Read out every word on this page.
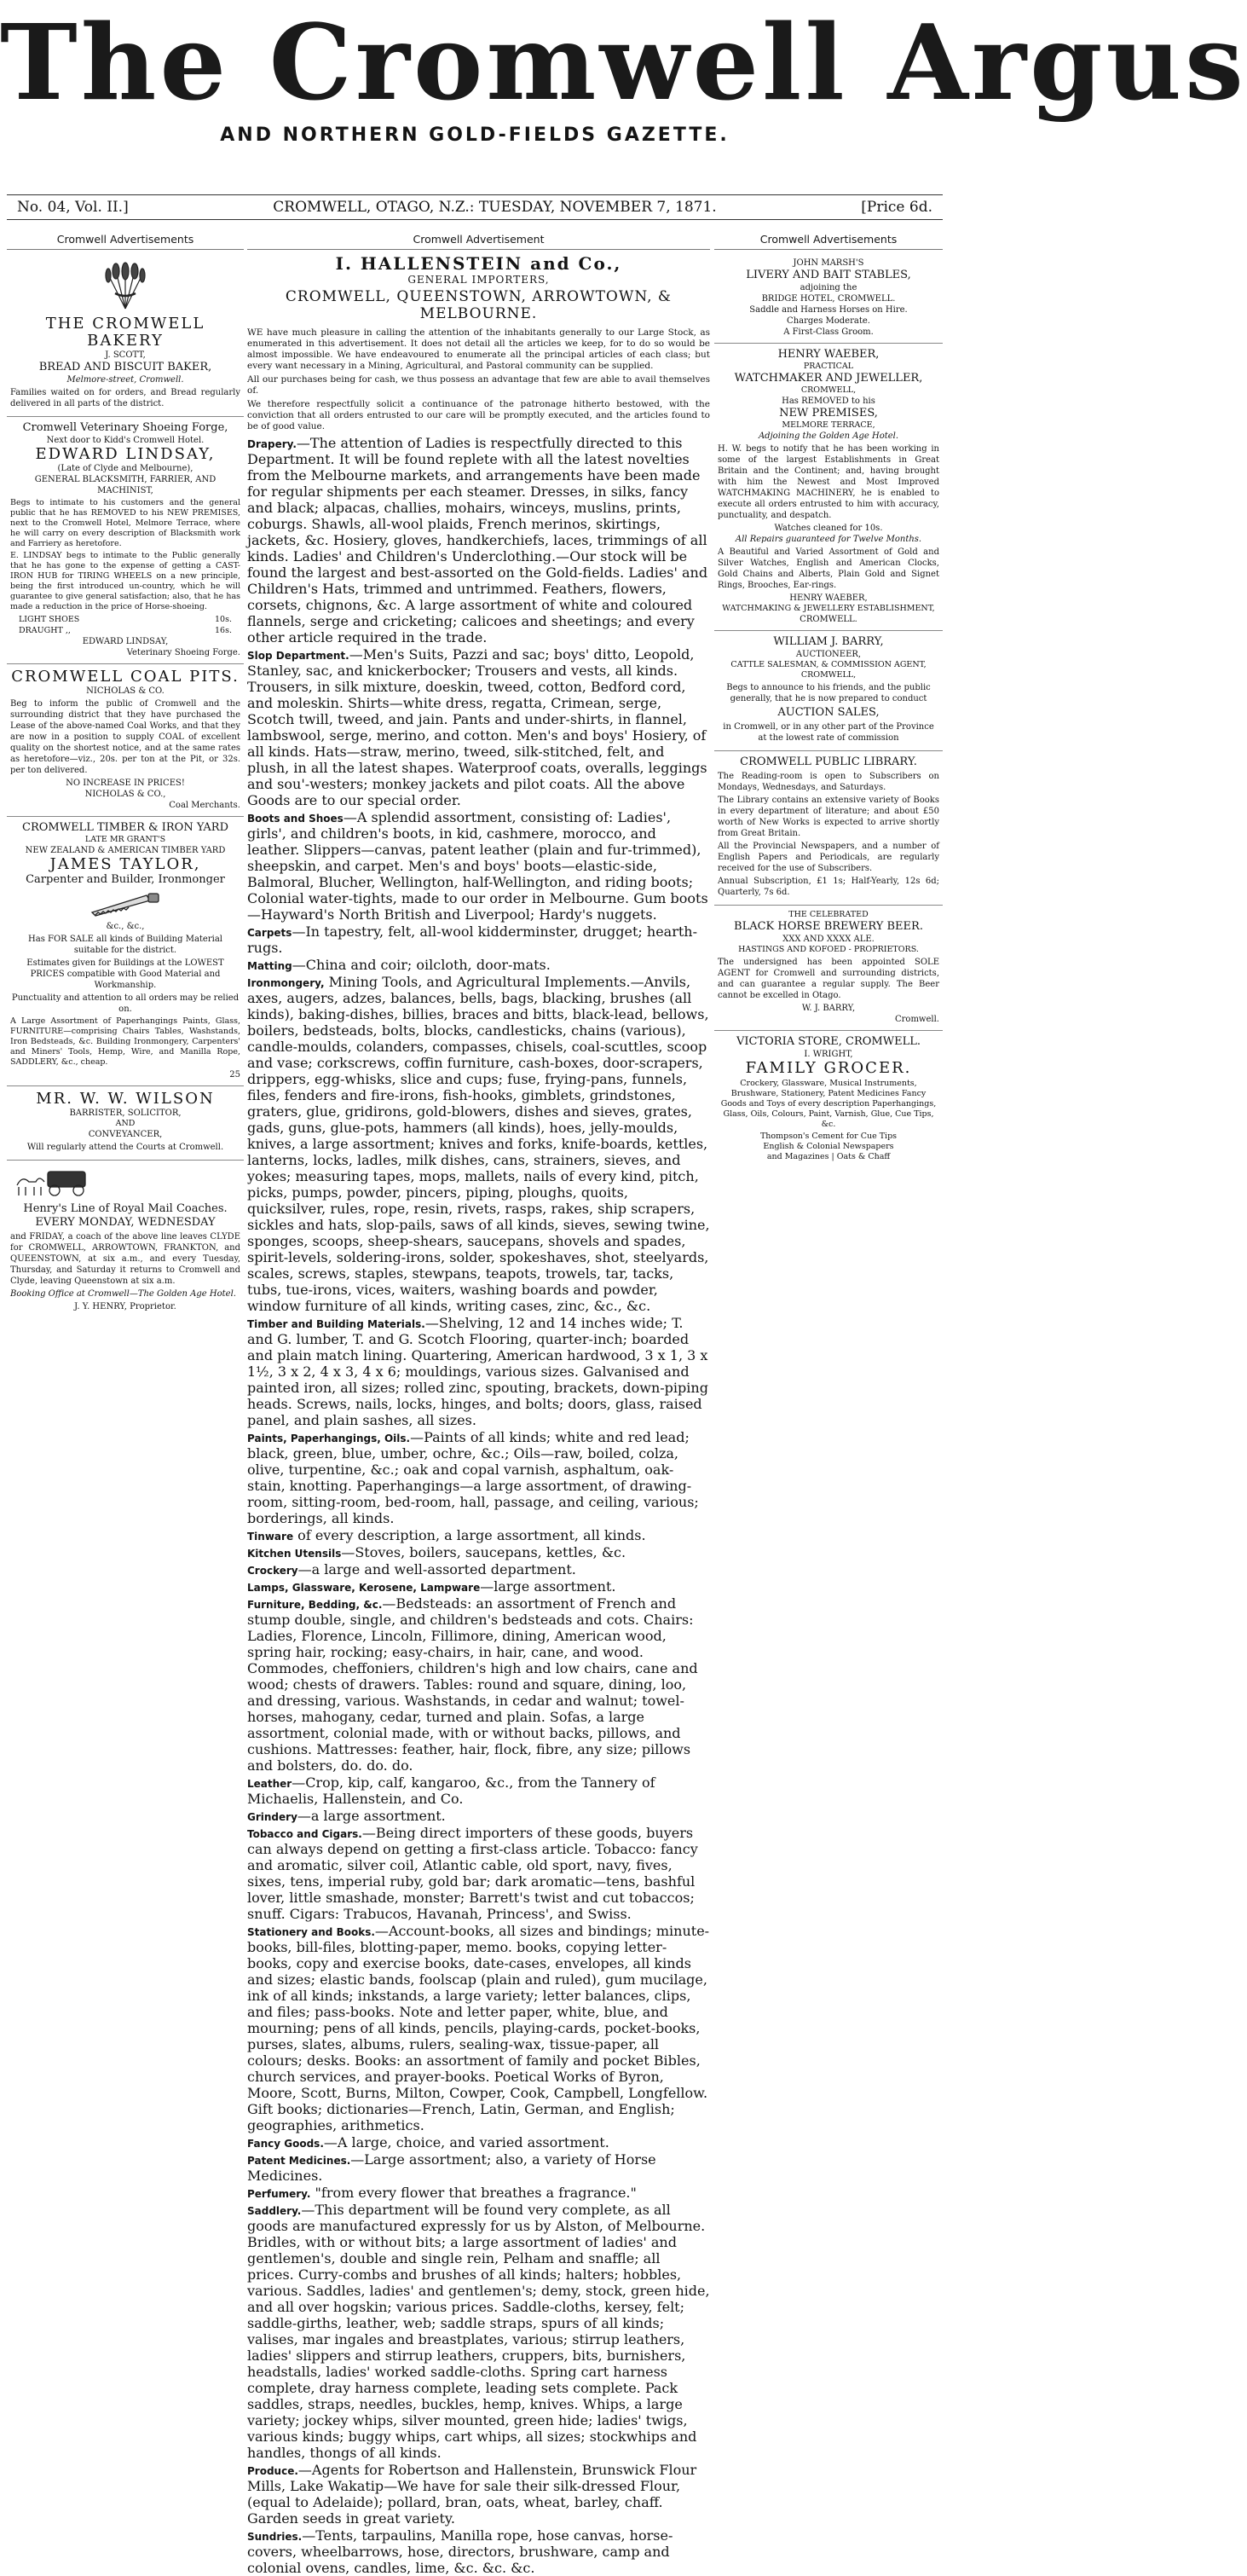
The Cromwell Argus
AND NORTHERN GOLD-FIELDS GAZETTE.
No. 04, Vol. II.]	CROMWELL, OTAGO, N.Z.: TUESDAY, NOVEMBER 7, 1871.	[Price 6d.
Cromwell Advertisements
THE CROMWELL BAKERY
J. SCOTT,
BREAD AND BISCUIT BAKER,
Melmore-street, Cromwell.

Families waited on for orders, and Bread regularly delivered in all parts of the district.

Cromwell Veterinary Shoeing Forge,
Next door to Kidd's Cromwell Hotel.
EDWARD LINDSAY,
(Late of Clyde and Melbourne),
GENERAL BLACKSMITH, FARRIER, AND MACHINIST,

Begs to intimate to his customers and the general public that he has REMOVED to his NEW PREMISES, next to the Cromwell Hotel, Melmore Terrace, where he will carry on every description of Blacksmith work and Farriery as heretofore.

E. LINDSAY begs to intimate to the Public generally that he has gone to the expense of getting a CAST-IRON HUB for TIRING WHEELS on a new principle, being the first introduced un-country, which he will guarantee to give general satisfaction; also, that he has made a reduction in the price of Horse-shoeing.

LIGHT SHOES	10s.
DRAUGHT ,,	16s.
EDWARD LINDSAY,
Veterinary Shoeing Forge.
CROMWELL COAL PITS.
NICHOLAS & CO.

Beg to inform the public of Cromwell and the surrounding district that they have purchased the Lease of the above-named Coal Works, and that they are now in a position to supply COAL of excellent quality on the shortest notice, and at the same rates as heretofore—viz., 20s. per ton at the Pit, or 32s. per ton delivered.

NO INCREASE IN PRICES!
NICHOLAS & CO.,
Coal Merchants.
CROMWELL TIMBER & IRON YARD
LATE MR GRANT'S
NEW ZEALAND & AMERICAN TIMBER YARD
JAMES TAYLOR,
Carpenter and Builder, Ironmonger
&c., &c.,

Has FOR SALE all kinds of Building Material suitable for the district.

Estimates given for Buildings at the LOWEST PRICES compatible with Good Material and Workmanship.

Punctuality and attention to all orders may be relied on.

A Large Assortment of Paperhangings Paints, Glass, FURNITURE—comprising Chairs Tables, Washstands, Iron Bedsteads, &c. Building Ironmongery, Carpenters' and Miners' Tools, Hemp, Wire, and Manilla Rope, SADDLERY, &c., cheap.

25
MR. W. W. WILSON
BARRISTER, SOLICITOR,
AND
CONVEYANCER,

Will regularly attend the Courts at Cromwell.

Henry's Line of Royal Mail Coaches.
EVERY MONDAY, WEDNESDAY

and FRIDAY, a coach of the above line leaves CLYDE for CROMWELL, ARROWTOWN, FRANKTON, and QUEENSTOWN, at six a.m., and every Tuesday, Thursday, and Saturday it returns to Cromwell and Clyde, leaving Queenstown at six a.m.

Booking Office at Cromwell—The Golden Age Hotel.

J. Y. HENRY, Proprietor.
Cromwell Advertisement
I. HALLENSTEIN and Co.,
GENERAL IMPORTERS,
CROMWELL, QUEENSTOWN, ARROWTOWN, & MELBOURNE.

WE have much pleasure in calling the attention of the inhabitants generally to our Large Stock, as enumerated in this advertisement. It does not detail all the articles we keep, for to do so would be almost impossible. We have endeavoured to enumerate all the principal articles of each class; but every want necessary in a Mining, Agricultural, and Pastoral community can be supplied.

All our purchases being for cash, we thus possess an advantage that few are able to avail themselves of.

We therefore respectfully solicit a continuance of the patronage hitherto bestowed, with the conviction that all orders entrusted to our care will be promptly executed, and the articles found to be of good value.

Drapery.—The attention of Ladies is respectfully directed to this Department. It will be found replete with all the latest novelties from the Melbourne markets, and arrangements have been made for regular shipments per each steamer. Dresses, in silks, fancy and black; alpacas, challies, mohairs, winceys, muslins, prints, coburgs. Shawls, all-wool plaids, French merinos, skirtings, jackets, &c. Hosiery, gloves, handkerchiefs, laces, trimmings of all kinds. Ladies' and Children's Underclothing.—Our stock will be found the largest and best-assorted on the Gold-fields. Ladies' and Children's Hats, trimmed and untrimmed. Feathers, flowers, corsets, chignons, &c. A large assortment of white and coloured flannels, serge and cricketing; calicoes and sheetings; and every other article required in the trade.
Slop Department.—Men's Suits, Pazzi and sac; boys' ditto, Leopold, Stanley, sac, and knickerbocker; Trousers and vests, all kinds. Trousers, in silk mixture, doeskin, tweed, cotton, Bedford cord, and moleskin. Shirts—white dress, regatta, Crimean, serge, Scotch twill, tweed, and jain. Pants and under-shirts, in flannel, lambswool, serge, merino, and cotton. Men's and boys' Hosiery, of all kinds. Hats—straw, merino, tweed, silk-stitched, felt, and plush, in all the latest shapes. Waterproof coats, overalls, leggings and sou'-westers; monkey jackets and pilot coats. All the above Goods are to our special order.
Boots and Shoes—A splendid assortment, consisting of: Ladies', girls', and children's boots, in kid, cashmere, morocco, and leather. Slippers—canvas, patent leather (plain and fur-trimmed), sheepskin, and carpet. Men's and boys' boots—elastic-side, Balmoral, Blucher, Wellington, half-Wellington, and riding boots; Colonial water-tights, made to our order in Melbourne. Gum boots—Hayward's North British and Liverpool; Hardy's nuggets.
Carpets—In tapestry, felt, all-wool kidderminster, drugget; hearth-rugs.
Matting—China and coir; oilcloth, door-mats.
Ironmongery, Mining Tools, and Agricultural Implements.—Anvils, axes, augers, adzes, balances, bells, bags, blacking, brushes (all kinds), baking-dishes, billies, braces and bitts, black-lead, bellows, boilers, bedsteads, bolts, blocks, candlesticks, chains (various), candle-moulds, colanders, compasses, chisels, coal-scuttles, scoop and vase; corkscrews, coffin furniture, cash-boxes, door-scrapers, drippers, egg-whisks, slice and cups; fuse, frying-pans, funnels, files, fenders and fire-irons, fish-hooks, gimblets, grindstones, graters, glue, gridirons, gold-blowers, dishes and sieves, grates, gads, guns, glue-pots, hammers (all kinds), hoes, jelly-moulds, knives, a large assortment; knives and forks, knife-boards, kettles, lanterns, locks, ladles, milk dishes, cans, strainers, sieves, and yokes; measuring tapes, mops, mallets, nails of every kind, pitch, picks, pumps, powder, pincers, piping, ploughs, quoits, quicksilver, rules, rope, resin, rivets, rasps, rakes, ship scrapers, sickles and hats, slop-pails, saws of all kinds, sieves, sewing twine, sponges, scoops, sheep-shears, saucepans, shovels and spades, spirit-levels, soldering-irons, solder, spokeshaves, shot, steelyards, scales, screws, staples, stewpans, teapots, trowels, tar, tacks, tubs, tue-irons, vices, waiters, washing boards and powder, window furniture of all kinds, writing cases, zinc, &c., &c.
Timber and Building Materials.—Shelving, 12 and 14 inches wide; T. and G. lumber, T. and G. Scotch Flooring, quarter-inch; boarded and plain match lining. Quartering, American hardwood, 3 x 1, 3 x 1½, 3 x 2, 4 x 3, 4 x 6; mouldings, various sizes. Galvanised and painted iron, all sizes; rolled zinc, spouting, brackets, down-piping heads. Screws, nails, locks, hinges, and bolts; doors, glass, raised panel, and plain sashes, all sizes.
Paints, Paperhangings, Oils.—Paints of all kinds; white and red lead; black, green, blue, umber, ochre, &c.; Oils—raw, boiled, colza, olive, turpentine, &c.; oak and copal varnish, asphaltum, oak-stain, knotting. Paperhangings—a large assortment, of drawing-room, sitting-room, bed-room, hall, passage, and ceiling, various; borderings, all kinds.
Tinware of every description, a large assortment, all kinds.
Kitchen Utensils—Stoves, boilers, saucepans, kettles, &c.
Crockery—a large and well-assorted department.
Lamps, Glassware, Kerosene, Lampware—large assortment.
Furniture, Bedding, &c.—Bedsteads: an assortment of French and stump double, single, and children's bedsteads and cots. Chairs: Ladies, Florence, Lincoln, Fillimore, dining, American wood, spring hair, rocking; easy-chairs, in hair, cane, and wood. Commodes, cheffoniers, children's high and low chairs, cane and wood; chests of drawers. Tables: round and square, dining, loo, and dressing, various. Washstands, in cedar and walnut; towel-horses, mahogany, cedar, turned and plain. Sofas, a large assortment, colonial made, with or without backs, pillows, and cushions. Mattresses: feather, hair, flock, fibre, any size; pillows and bolsters, do. do. do.
Leather—Crop, kip, calf, kangaroo, &c., from the Tannery of Michaelis, Hallenstein, and Co.
Grindery—a large assortment.
Tobacco and Cigars.—Being direct importers of these goods, buyers can always depend on getting a first-class article. Tobacco: fancy and aromatic, silver coil, Atlantic cable, old sport, navy, fives, sixes, tens, imperial ruby, gold bar; dark aromatic—tens, bashful lover, little smashade, monster; Barrett's twist and cut tobaccos; snuff. Cigars: Trabucos, Havanah, Princess', and Swiss.
Stationery and Books.—Account-books, all sizes and bindings; minute-books, bill-files, blotting-paper, memo. books, copying letter-books, copy and exercise books, date-cases, envelopes, all kinds and sizes; elastic bands, foolscap (plain and ruled), gum mucilage, ink of all kinds; inkstands, a large variety; letter balances, clips, and files; pass-books. Note and letter paper, white, blue, and mourning; pens of all kinds, pencils, playing-cards, pocket-books, purses, slates, albums, rulers, sealing-wax, tissue-paper, all colours; desks. Books: an assortment of family and pocket Bibles, church services, and prayer-books. Poetical Works of Byron, Moore, Scott, Burns, Milton, Cowper, Cook, Campbell, Longfellow. Gift books; dictionaries—French, Latin, German, and English; geographies, arithmetics.
Fancy Goods.—A large, choice, and varied assortment.
Patent Medicines.—Large assortment; also, a variety of Horse Medicines.
Perfumery. "from every flower that breathes a fragrance."
Saddlery.—This department will be found very complete, as all goods are manufactured expressly for us by Alston, of Melbourne. Bridles, with or without bits; a large assortment of ladies' and gentlemen's, double and single rein, Pelham and snaffle; all prices. Curry-combs and brushes of all kinds; halters; hobbles, various. Saddles, ladies' and gentlemen's; demy, stock, green hide, and all over hogskin; various prices. Saddle-cloths, kersey, felt; saddle-girths, leather, web; saddle straps, spurs of all kinds; valises, mar ingales and breastplates, various; stirrup leathers, ladies' slippers and stirrup leathers, cruppers, bits, burnishers, headstalls, ladies' worked saddle-cloths. Spring cart harness complete, dray harness complete, leading sets complete. Pack saddles, straps, needles, buckles, hemp, knives. Whips, a large variety; jockey whips, silver mounted, green hide; ladies' twigs, various kinds; buggy whips, cart whips, all sizes; stockwhips and handles, thongs of all kinds.
Produce.—Agents for Robertson and Hallenstein, Brunswick Flour Mills, Lake Wakatip—We have for sale their silk-dressed Flour, (equal to Adelaide); pollard, bran, oats, wheat, barley, chaff. Garden seeds in great variety.
Sundries.—Tents, tarpaulins, Manilla rope, hose canvas, horse-covers, wheelbarrows, hose, directors, brushware, camp and colonial ovens, candles, lime, &c. &c. &c.
Cromwell Advertisements
JOHN MARSH'S
LIVERY AND BAIT STABLES,
adjoining the
BRIDGE HOTEL, CROMWELL.
Saddle and Harness Horses on Hire.
Charges Moderate.
A First-Class Groom.
HENRY WAEBER,
PRACTICAL
WATCHMAKER AND JEWELLER,
CROMWELL,
Has REMOVED to his
NEW PREMISES,
MELMORE TERRACE,
Adjoining the Golden Age Hotel.

H. W. begs to notify that he has been working in some of the largest Establishments in Great Britain and the Continent; and, having brought with him the Newest and Most Improved WATCHMAKING MACHINERY, he is enabled to execute all orders entrusted to him with accuracy, punctuality, and despatch.

Watches cleaned for 10s.
All Repairs guaranteed for Twelve Months.

A Beautiful and Varied Assortment of Gold and Silver Watches, English and American Clocks, Gold Chains and Alberts, Plain Gold and Signet Rings, Brooches, Ear-rings.

HENRY WAEBER,
WATCHMAKING & JEWELLERY ESTABLISHMENT,
CROMWELL.
WILLIAM J. BARRY,
AUCTIONEER,
CATTLE SALESMAN, & COMMISSION AGENT,
CROMWELL,

Begs to announce to his friends, and the public generally, that he is now prepared to conduct

AUCTION SALES,

in Cromwell, or in any other part of the Province at the lowest rate of commission

CROMWELL PUBLIC LIBRARY.

The Reading-room is open to Subscribers on Mondays, Wednesdays, and Saturdays.

The Library contains an extensive variety of Books in every department of literature; and about £50 worth of New Works is expected to arrive shortly from Great Britain.

All the Provincial Newspapers, and a number of English Papers and Periodicals, are regularly received for the use of Subscribers.

Annual Subscription, £1 1s; Half-Yearly, 12s 6d; Quarterly, 7s 6d.

THE CELEBRATED
BLACK HORSE BREWERY BEER.
XXX AND XXXX ALE.
HASTINGS AND KOFOED - PROPRIETORS.

The undersigned has been appointed SOLE AGENT for Cromwell and surrounding districts, and can guarantee a regular supply. The Beer cannot be excelled in Otago.

W. J. BARRY,
Cromwell.
VICTORIA STORE, CROMWELL.
I. WRIGHT,
FAMILY GROCER.

Crockery, Glassware, Musical Instruments, Brushware, Stationery, Patent Medicines Fancy Goods and Toys of every description Paperhangings, Glass, Oils, Colours, Paint, Varnish, Glue, Cue Tips, &c.

Thompson's Cement for Cue Tips
English & Colonial Newspapers
and Magazines | Oats & Chaff
